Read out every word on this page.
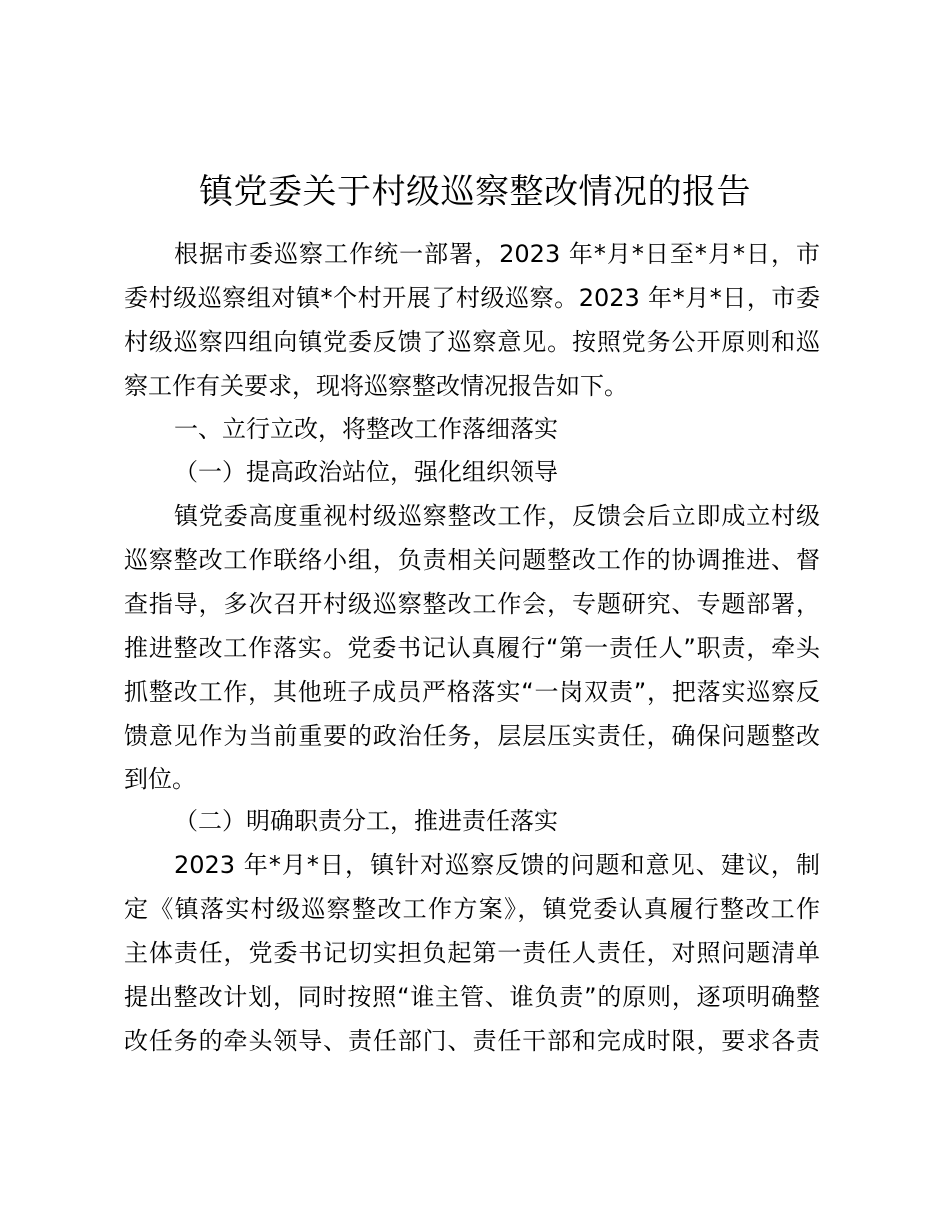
镇党委关于村级巡察整改情况的报告
根据市委巡察工作统一部署，2023 年*月*日至*月*日，市
委村级巡察组对镇*个村开展了村级巡察。2023 年*月*日，市委
村级巡察四组向镇党委反馈了巡察意见。按照党务公开原则和巡
察工作有关要求，现将巡察整改情况报告如下。
一、立行立改，将整改工作落细落实
（一）提高政治站位，强化组织领导
镇党委高度重视村级巡察整改工作，反馈会后立即成立村级
巡察整改工作联络小组，负责相关问题整改工作的协调推进、督
查指导，多次召开村级巡察整改工作会，专题研究、专题部署，
推进整改工作落实。党委书记认真履行“第一责任人”职责，牵头
抓整改工作，其他班子成员严格落实“一岗双责”，把落实巡察反
馈意见作为当前重要的政治任务，层层压实责任，确保问题整改
到位。
（二）明确职责分工，推进责任落实
2023 年*月*日，镇针对巡察反馈的问题和意见、建议，制
定《镇落实村级巡察整改工作方案》，镇党委认真履行整改工作
主体责任，党委书记切实担负起第一责任人责任，对照问题清单
提出整改计划，同时按照“谁主管、谁负责”的原则，逐项明确整
改任务的牵头领导、责任部门、责任干部和完成时限，要求各责
